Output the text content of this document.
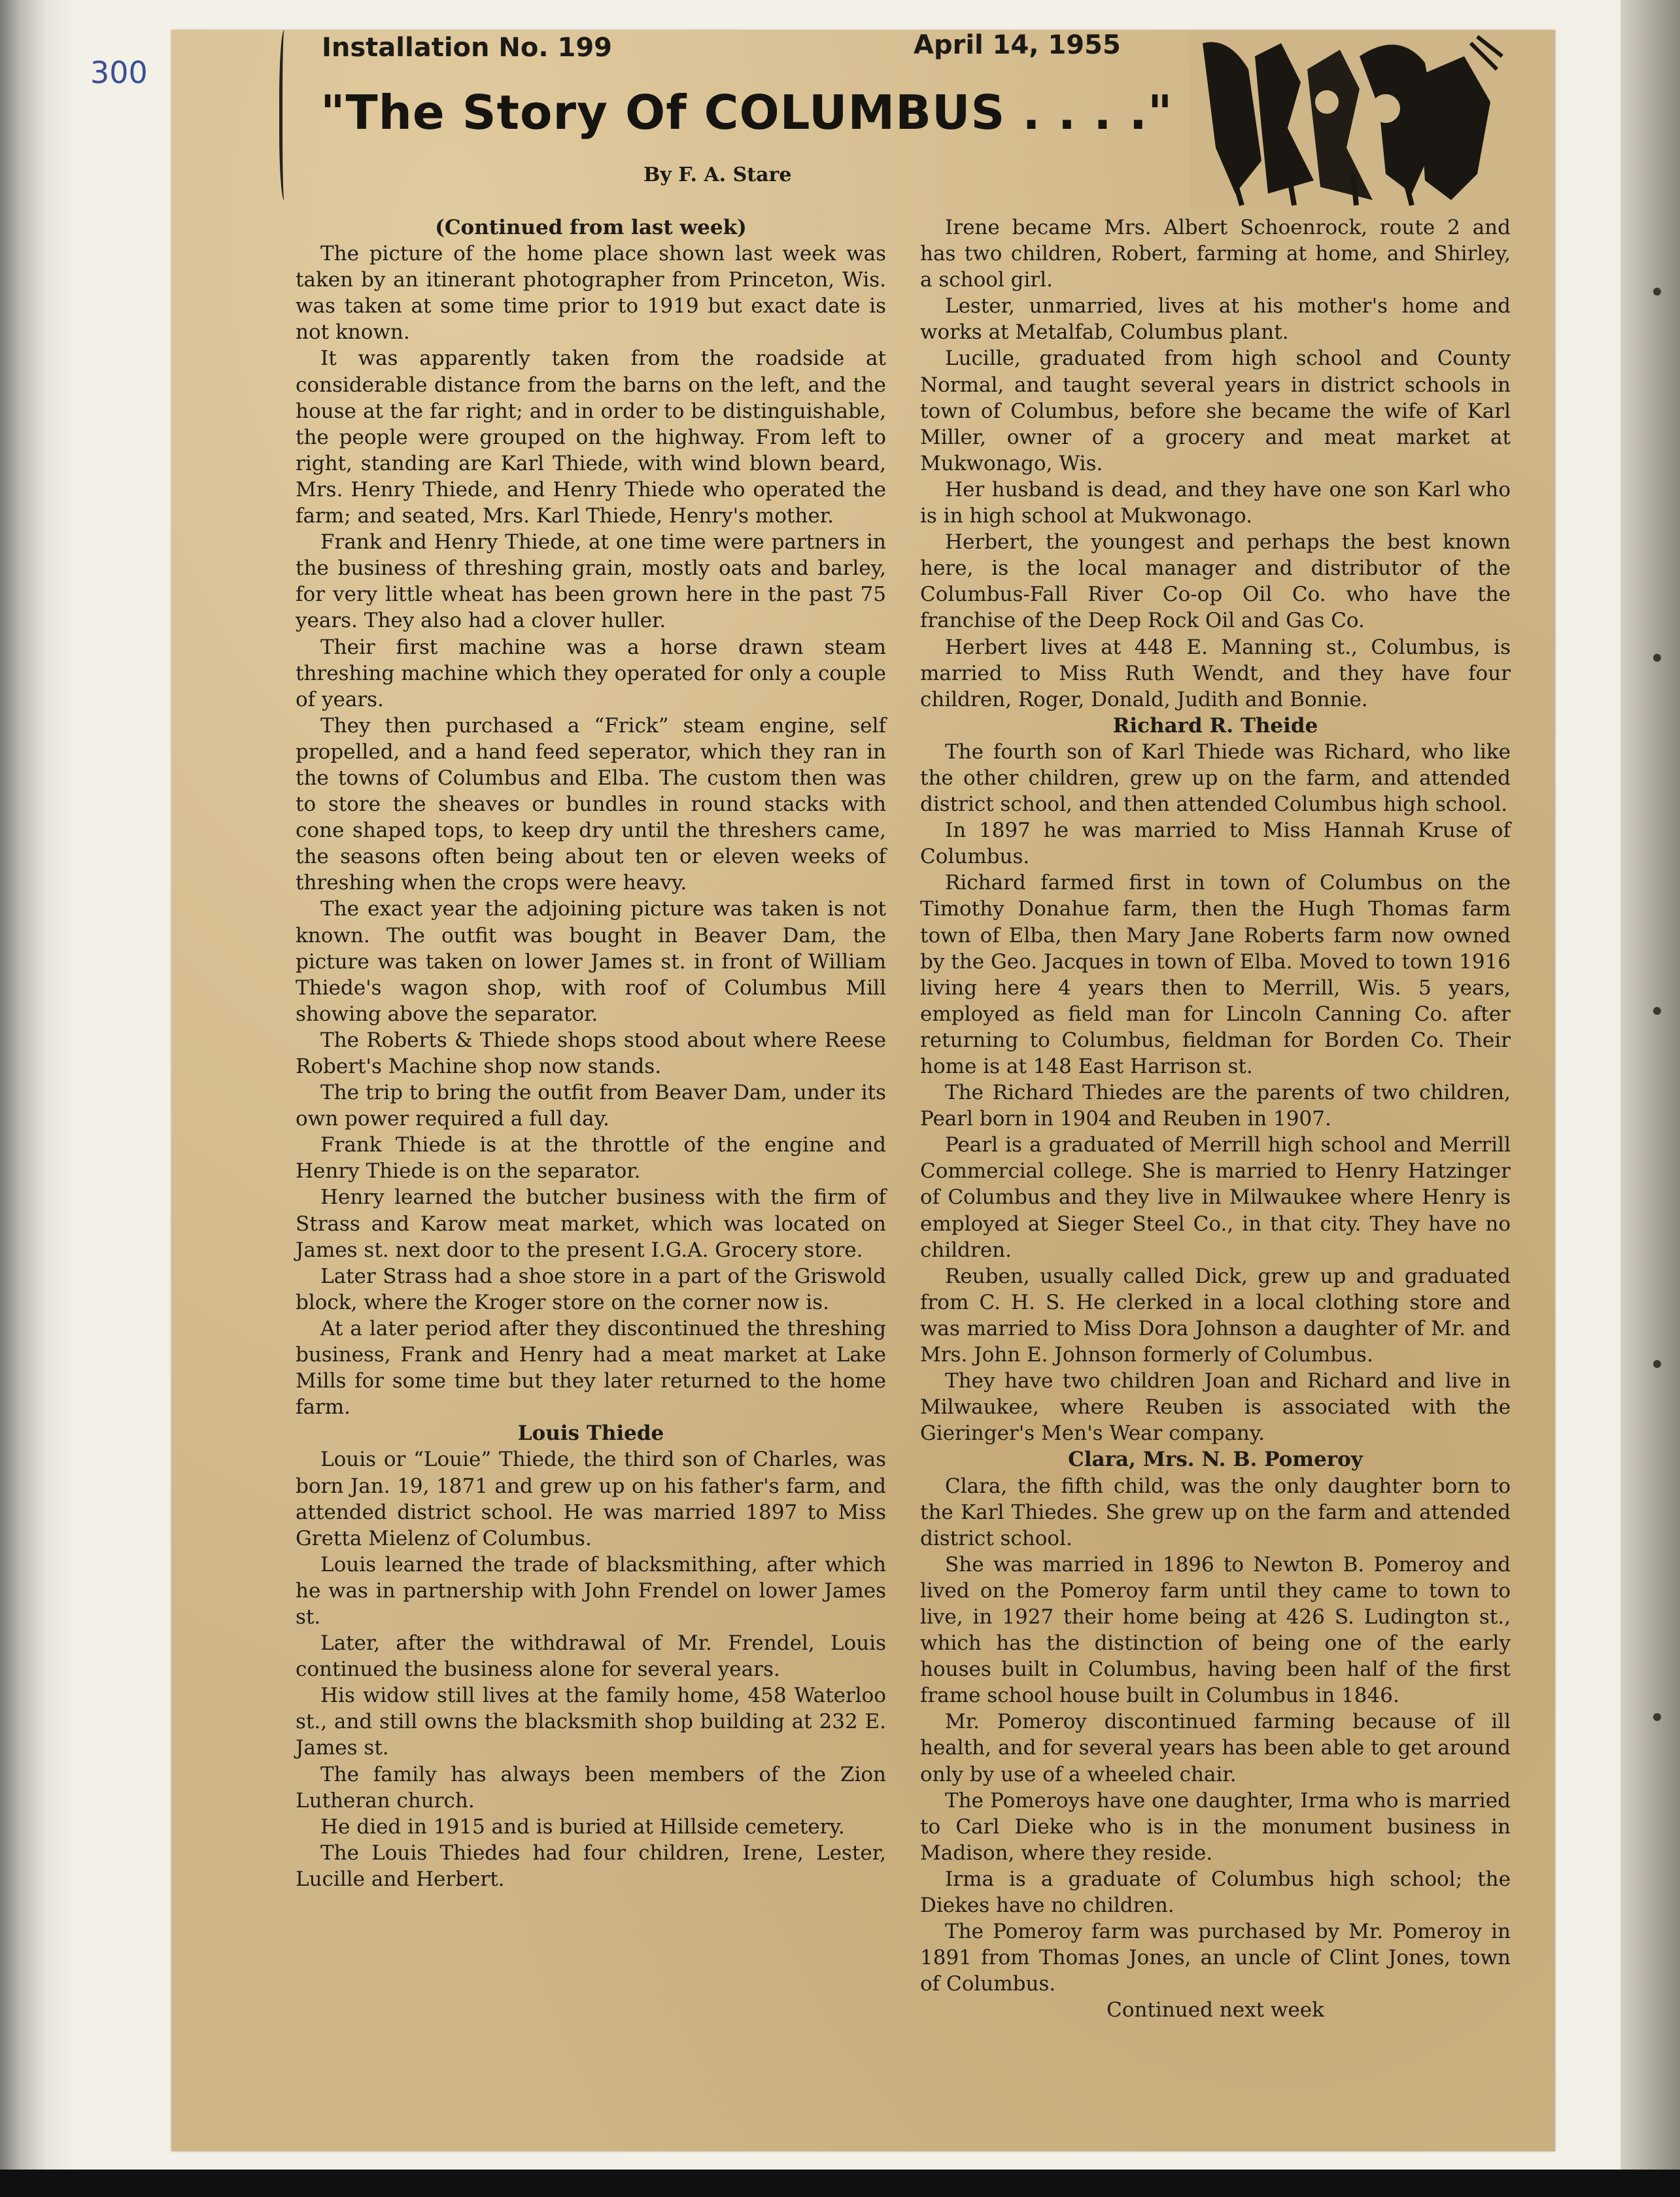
300
Installation No. 199	April 14, 1955
"The Story Of COLUMBUS . . . ."
By F. A. Stare

(Continued from last week)

The picture of the home place shown last week was taken by an itinerant photographer from Princeton, Wis. was taken at some time prior to 1919 but exact date is not known.

It was apparently taken from the roadside at considerable distance from the barns on the left, and the house at the far right; and in order to be distinguishable, the people were grouped on the highway. From left to right, standing are Karl Thiede, with wind blown beard, Mrs. Henry Thiede, and Henry Thiede who operated the farm; and seated, Mrs. Karl Thiede, Henry's mother.

Frank and Henry Thiede, at one time were partners in the business of threshing grain, mostly oats and barley, for very little wheat has been grown here in the past 75 years. They also had a clover huller.

Their first machine was a horse drawn steam threshing machine which they operated for only a couple of years.

They then purchased a “Frick” steam engine, self propelled, and a hand feed seperator, which they ran in the towns of Columbus and Elba. The custom then was to store the sheaves or bundles in round stacks with cone shaped tops, to keep dry until the threshers came, the seasons often being about ten or eleven weeks of threshing when the crops were heavy.

The exact year the adjoining picture was taken is not known. The outfit was bought in Beaver Dam, the picture was taken on lower James st. in front of William Thiede's wagon shop, with roof of Columbus Mill showing above the separator.

The Roberts & Thiede shops stood about where Reese Robert's Machine shop now stands.

The trip to bring the outfit from Beaver Dam, under its own power required a full day.

Frank Thiede is at the throttle of the engine and Henry Thiede is on the separator.

Henry learned the butcher business with the firm of Strass and Karow meat market, which was located on James st. next door to the present I.G.A. Grocery store.

Later Strass had a shoe store in a part of the Griswold block, where the Kroger store on the corner now is.

At a later period after they discontinued the threshing business, Frank and Henry had a meat market at Lake Mills for some time but they later returned to the home farm.

Louis Thiede

Louis or “Louie” Thiede, the third son of Charles, was born Jan. 19, 1871 and grew up on his father's farm, and attended district school. He was married 1897 to Miss Gretta Mielenz of Columbus.

Louis learned the trade of blacksmithing, after which he was in partnership with John Frendel on lower James st.

Later, after the withdrawal of Mr. Frendel, Louis continued the business alone for several years.

His widow still lives at the family home, 458 Waterloo st., and still owns the blacksmith shop building at 232 E. James st.

The family has always been members of the Zion Lutheran church.

He died in 1915 and is buried at Hillside cemetery.

The Louis Thiedes had four children, Irene, Lester, Lucille and Herbert.

Irene became Mrs. Albert Schoenrock, route 2 and has two children, Robert, farming at home, and Shirley, a school girl.

Lester, unmarried, lives at his mother's home and works at Metalfab, Columbus plant.

Lucille, graduated from high school and County Normal, and taught several years in district schools in town of Columbus, before she became the wife of Karl Miller, owner of a grocery and meat market at Mukwonago, Wis.

Her husband is dead, and they have one son Karl who is in high school at Mukwonago.

Herbert, the youngest and perhaps the best known here, is the local manager and distributor of the Columbus-Fall River Co-op Oil Co. who have the franchise of the Deep Rock Oil and Gas Co.

Herbert lives at 448 E. Manning st., Columbus, is married to Miss Ruth Wendt, and they have four children, Roger, Donald, Judith and Bonnie.

Richard R. Theide

The fourth son of Karl Thiede was Richard, who like the other children, grew up on the farm, and attended district school, and then attended Columbus high school.

In 1897 he was married to Miss Hannah Kruse of Columbus.

Richard farmed first in town of Columbus on the Timothy Donahue farm, then the Hugh Thomas farm town of Elba, then Mary Jane Roberts farm now owned by the Geo. Jacques in town of Elba. Moved to town 1916 living here 4 years then to Merrill, Wis. 5 years, employed as field man for Lincoln Canning Co. after returning to Columbus, fieldman for Borden Co. Their home is at 148 East Harrison st.

The Richard Thiedes are the parents of two children, Pearl born in 1904 and Reuben in 1907.

Pearl is a graduated of Merrill high school and Merrill Commercial college. She is married to Henry Hatzinger of Columbus and they live in Milwaukee where Henry is employed at Sieger Steel Co., in that city. They have no children.

Reuben, usually called Dick, grew up and graduated from C. H. S. He clerked in a local clothing store and was married to Miss Dora Johnson a daughter of Mr. and Mrs. John E. Johnson formerly of Columbus.

They have two children Joan and Richard and live in Milwaukee, where Reuben is associated with the Gieringer's Men's Wear company.

Clara, Mrs. N. B. Pomeroy

Clara, the fifth child, was the only daughter born to the Karl Thiedes. She grew up on the farm and attended district school.

She was married in 1896 to Newton B. Pomeroy and lived on the Pomeroy farm until they came to town to live, in 1927 their home being at 426 S. Ludington st., which has the distinction of being one of the early houses built in Columbus, having been half of the first frame school house built in Columbus in 1846.

Mr. Pomeroy discontinued farming because of ill health, and for several years has been able to get around only by use of a wheeled chair.

The Pomeroys have one daughter, Irma who is married to Carl Dieke who is in the monument business in Madison, where they reside.

Irma is a graduate of Columbus high school; the Diekes have no children.

The Pomeroy farm was purchased by Mr. Pomeroy in 1891 from Thomas Jones, an uncle of Clint Jones, town of Columbus.

Continued next week
